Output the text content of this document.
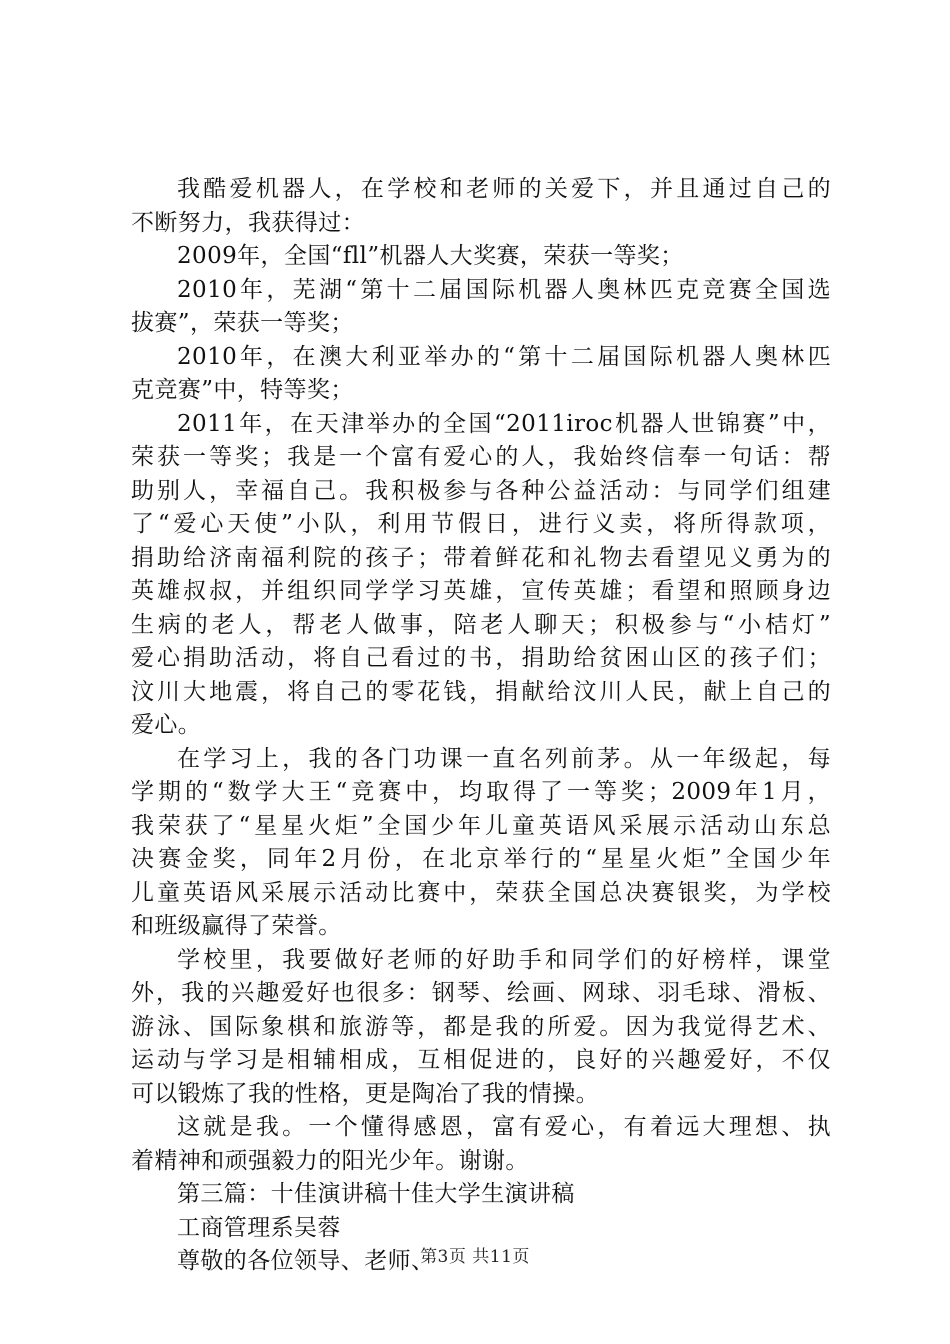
我酷爱机器人，在学校和老师的关爱下，并且通过自己的
不断努力，我获得过：
2009年，全国“fll”机器人大奖赛，荣获一等奖；
2010年，芜湖“第十二届国际机器人奥林匹克竞赛全国选
拔赛”，荣获一等奖；
2010年，在澳大利亚举办的“第十二届国际机器人奥林匹
克竞赛”中，特等奖；
2011年，在天津举办的全国“2011iroc机器人世锦赛”中，
荣获一等奖；我是一个富有爱心的人，我始终信奉一句话：帮
助别人，幸福自己。我积极参与各种公益活动：与同学们组建
了“爱心天使”小队，利用节假日，进行义卖，将所得款项，
捐助给济南福利院的孩子；带着鲜花和礼物去看望见义勇为的
英雄叔叔，并组织同学学习英雄，宣传英雄；看望和照顾身边
生病的老人，帮老人做事，陪老人聊天；积极参与“小桔灯”
爱心捐助活动，将自己看过的书，捐助给贫困山区的孩子们；
汶川大地震，将自己的零花钱，捐献给汶川人民，献上自己的
爱心。
在学习上，我的各门功课一直名列前茅。从一年级起，每
学期的“数学大王“竞赛中，均取得了一等奖；2009年1月，
我荣获了“星星火炬”全国少年儿童英语风采展示活动山东总
决赛金奖，同年2月份，在北京举行的“星星火炬”全国少年
儿童英语风采展示活动比赛中，荣获全国总决赛银奖，为学校
和班级赢得了荣誉。
学校里，我要做好老师的好助手和同学们的好榜样，课堂
外，我的兴趣爱好也很多：钢琴、绘画、网球、羽毛球、滑板、
游泳、国际象棋和旅游等，都是我的所爱。因为我觉得艺术、
运动与学习是相辅相成，互相促进的，良好的兴趣爱好，不仅
可以锻炼了我的性格，更是陶冶了我的情操。
这就是我。一个懂得感恩，富有爱心，有着远大理想、执
着精神和顽强毅力的阳光少年。谢谢。
第三篇：十佳演讲稿十佳大学生演讲稿
工商管理系吴蓉
尊敬的各位领导、老师、
第3页 共11页
